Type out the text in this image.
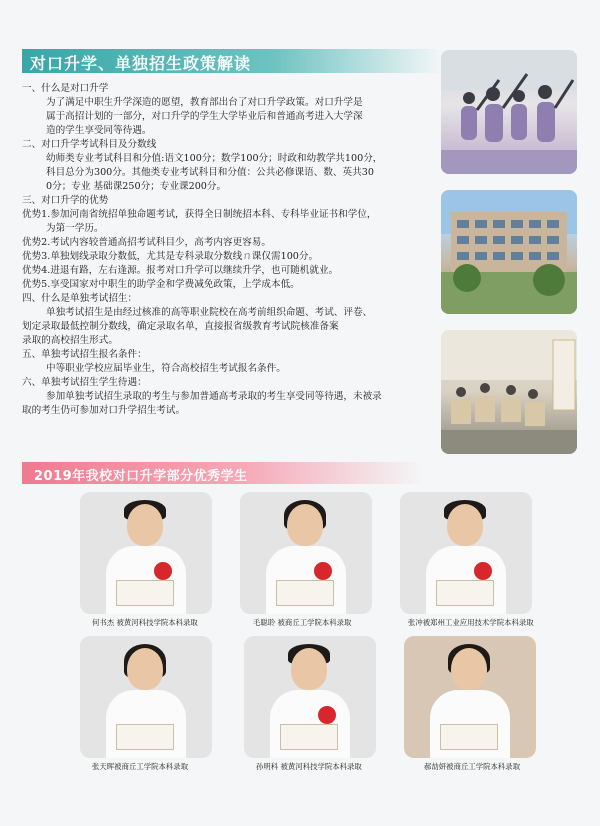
对口升学、单独招生政策解读
一、什么是对口升学
为了满足中职生升学深造的愿望，教育部出台了对口升学政策。对口升学是
属于高招计划的一部分，对口升学的学生大学毕业后和普通高考进入大学深
造的学生享受同等待遇。
二、对口升学考试科目及分数线
幼师类专业考试科目和分值:语文100分；数学100分；时政和幼教学共100分，
科目总分为300分。其他类专业考试科目和分值：公共必修课语、数、英共30
0分；专业 基础课250分；专业课200分。
三、对口升学的优势
优势1.参加河南省统招单独命题考试，获得全日制统招本科、专科毕业证书和学位，
为第一学历。
优势2.考试内容较普通高招考试科目少，高考内容更容易。
优势3.单独划线录取分数低，尤其是专科录取分数线ㄇ课仅需100分。
优势4.进退有路，左右逢源。报考对口升学可以继续升学，也可随机就业。
优势5.享受国家对中职生的助学金和学费减免政策，上学成本低。
四、什么是单独考试招生：
单独考试招生是由经过核准的高等职业院校在高考前组织命题、考试、评卷、
划定录取最低控制分数线，确定录取名单，直接报省级教育考试院核准备案
录取的高校招生形式。
五、单独考试招生报名条件：
中等职业学校应届毕业生，符合高校招生考试报名条件。
六、单独考试招生学生待遇：
参加单独考试招生录取的考生与参加普通高考录取的考生享受同等待遇，未被录
取的考生仍可参加对口升学招生考试。
2019年我校对口升学部分优秀学生
何书杰 被黄河科技学院本科录取	毛聪聆 被商丘工学院本科录取	张冲被郑州工业应用技术学院本科录取
张天晖被商丘工学院本科录取	孙明科 被黄河科技学院本科录取	郝劼妍被商丘工学院本科录取
